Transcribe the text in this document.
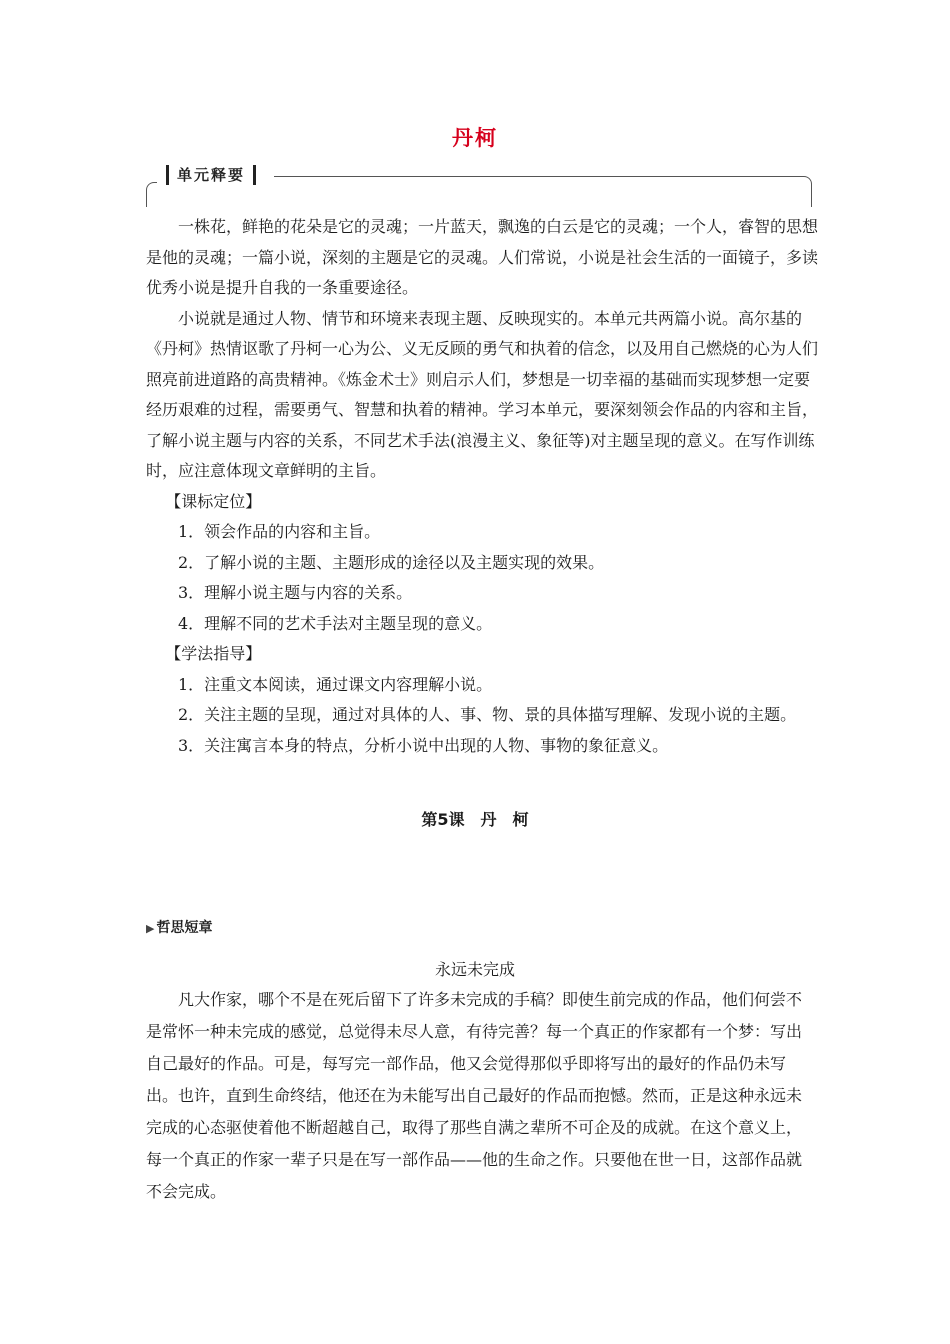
丹柯
单元释要

一株花，鲜艳的花朵是它的灵魂；一片蓝天，飘逸的白云是它的灵魂；一个人，睿智的思想是他的灵魂；一篇小说，深刻的主题是它的灵魂。人们常说，小说是社会生活的一面镜子，多读优秀小说是提升自我的一条重要途径。

小说就是通过人物、情节和环境来表现主题、反映现实的。本单元共两篇小说。高尔基的《丹柯》热情讴歌了丹柯一心为公、义无反顾的勇气和执着的信念，以及用自己燃烧的心为人们照亮前进道路的高贵精神。《炼金术士》则启示人们，梦想是一切幸福的基础而实现梦想一定要经历艰难的过程，需要勇气、智慧和执着的精神。学习本单元，要深刻领会作品的内容和主旨，了解小说主题与内容的关系，不同艺术手法(浪漫主义、象征等)对主题呈现的意义。在写作训练时，应注意体现文章鲜明的主旨。

【课标定位】

1．领会作品的内容和主旨。

2．了解小说的主题、主题形成的途径以及主题实现的效果。

3．理解小说主题与内容的关系。

4．理解不同的艺术手法对主题呈现的意义。

【学法指导】

1．注重文本阅读，通过课文内容理解小说。

2．关注主题的呈现，通过对具体的人、事、物、景的具体描写理解、发现小说的主题。

3．关注寓言本身的特点，分析小说中出现的人物、事物的象征意义。

第5课　丹　柯
▶ 哲思短章
永远未完成

凡大作家，哪个不是在死后留下了许多未完成的手稿？即使生前完成的作品，他们何尝不是常怀一种未完成的感觉，总觉得未尽人意，有待完善？每一个真正的作家都有一个梦：写出自己最好的作品。可是，每写完一部作品，他又会觉得那似乎即将写出的最好的作品仍未写出。也许，直到生命终结，他还在为未能写出自己最好的作品而抱憾。然而，正是这种永远未完成的心态驱使着他不断超越自己，取得了那些自满之辈所不可企及的成就。在这个意义上，每一个真正的作家一辈子只是在写一部作品——他的生命之作。只要他在世一日，这部作品就不会完成。
